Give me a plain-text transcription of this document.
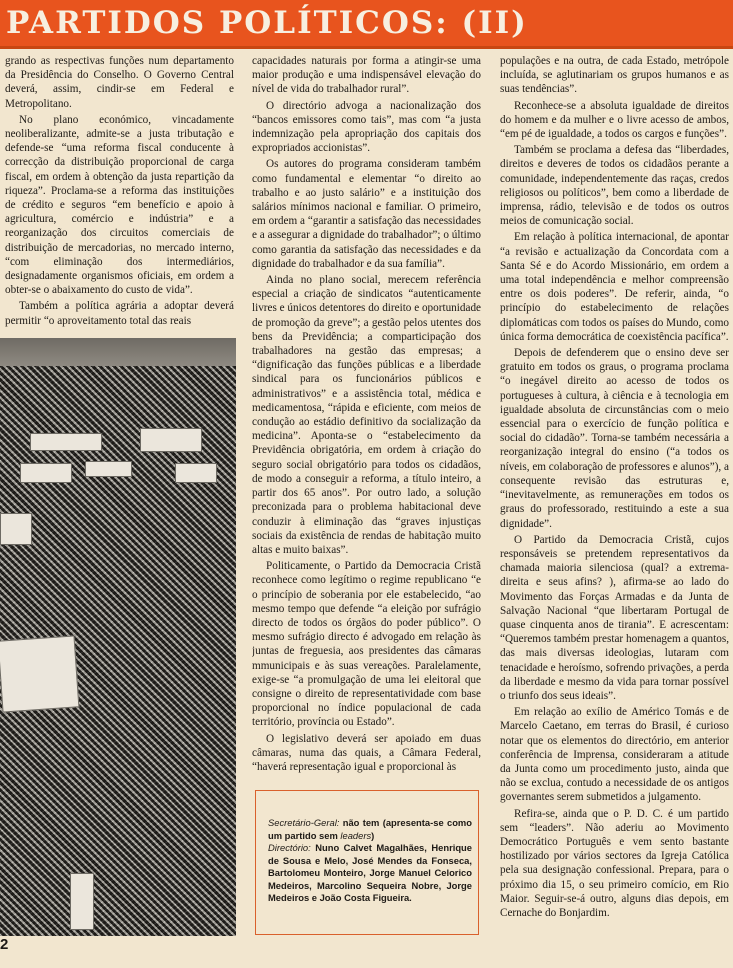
PARTIDOS POLÍTICOS: (II)

grando as respectivas funções num departamento da Presidência do Conselho. O Governo Central deverá, assim, cindir-se em Federal e Metropolitano.

No plano económico, vincadamente neoliberalizante, admite-se a justa tributação e defende-se “uma reforma fiscal conducente à correcção da distribuição proporcional de carga fiscal, em ordem à obtenção da justa repartição da riqueza”. Proclama-se a reforma das instituições de crédito e seguros “em benefício e apoio à agricultura, comércio e indústria” e a reorganização dos circuitos comerciais de distribuição de mercadorias, no mercado interno, “com eliminação dos intermediários, designadamente organismos oficiais, em ordem a obter-se o abaixamento do custo de vida”.

Também a política agrária a adoptar deverá permitir “o aproveitamento total das reais

2

capacidades naturais por forma a atingir-se uma maior produção e uma indispensável elevação do nível de vida do trabalhador rural”.

O directório advoga a nacionalização dos “bancos emissores como tais”, mas com “a justa indemnização pela apropriação dos capitais dos expropriados accionistas”.

Os autores do programa consideram também como fundamental e elementar “o direito ao trabalho e ao justo salário” e a instituição dos salários mínimos nacional e familiar. O primeiro, em ordem a “garantir a satisfação das necessidades e a assegurar a dignidade do trabalhador”; o último como garantia da satisfação das necessidades e da dignidade do trabalhador e da sua família”.

Ainda no plano social, merecem referência especial a criação de sindicatos “autenticamente livres e únicos detentores do direito e oportunidade de promoção da greve”; a gestão pelos utentes dos bens da Previdência; a comparticipação dos trabalhadores na gestão das empresas; a “dignificação das funções públicas e a liberdade sindical para os funcionários públicos e administrativos” e a assistência total, médica e medicamentosa, “rápida e eficiente, com meios de condução ao estádio definitivo da socialização da medicina”. Aponta-se o “estabelecimento da Previdência obrigatória, em ordem à criação do seguro social obrigatório para todos os cidadãos, de modo a conseguir a reforma, a título inteiro, a partir dos 65 anos”. Por outro lado, a solução preconizada para o problema habitacional deve conduzir à eliminação das “graves injustiças sociais da existência de rendas de habitação muito altas e muito baixas”.

Politicamente, o Partido da Democracia Cristã reconhece como legítimo o regime republicano “e o princípio de soberania por ele estabelecido, “ao mesmo tempo que defende “a eleição por sufrágio directo de todos os órgãos do poder público”. O mesmo sufrágio directo é advogado em relação às juntas de freguesia, aos presidentes das câmaras mmunicipais e às suas vereações. Paralelamente, exige-se “a promulgação de uma lei eleitoral que consigne o direito de representatividade com base proporcional no índice populacional de cada território, província ou Estado”.

O legislativo deverá ser apoiado em duas câmaras, numa das quais, a Câmara Federal, “haverá representação igual e proporcional às

Secretário-Geral: não tem (apresenta-se como um partido sem leaders)

Directório: Nuno Calvet Magalhães, Henrique de Sousa e Melo, José Mendes da Fonseca, Bartolomeu Monteiro, Jorge Manuel Celorico Medeiros, Marcolino Sequeira Nobre, Jorge Medeiros e João Costa Figueira.

populações e na outra, de cada Estado, metrópole incluída, se aglutinariam os grupos humanos e as suas tendências”.

Reconhece-se a absoluta igualdade de direitos do homem e da mulher e o livre acesso de ambos, “em pé de igualdade, a todos os cargos e funções”.

Também se proclama a defesa das “liberdades, direitos e deveres de todos os cidadãos perante a comunidade, independentemente das raças, credos religiosos ou políticos”, bem como a liberdade de imprensa, rádio, televisão e de todos os outros meios de comunicação social.

Em relação à política internacional, de apontar “a revisão e actualização da Concordata com a Santa Sé e do Acordo Missionário, em ordem a uma total independência e melhor compreensão entre os dois poderes”. De referir, ainda, “o princípio do estabelecimento de relações diplomáticas com todos os países do Mundo, como única forma democrática de coexistência pacífica”.

Depois de defenderem que o ensino deve ser gratuito em todos os graus, o programa proclama “o inegável direito ao acesso de todos os portugueses à cultura, à ciência e à tecnologia em igualdade absoluta de circunstâncias com o meio essencial para o exercício de função política e social do cidadão”. Torna-se também necessária a reorganização integral do ensino (“a todos os níveis, em colaboração de professores e alunos”), a consequente revisão das estruturas e, “inevitavelmente, as remunerações em todos os graus do professorado, restituindo a este a sua dignidade”.

O Partido da Democracia Cristã, cujos responsáveis se pretendem representativos da chamada maioria silenciosa (qual? a extrema-direita e seus afins? ), afirma-se ao lado do Movimento das Forças Armadas e da Junta de Salvação Nacional “que libertaram Portugal de quase cinquenta anos de tirania”. E acrescentam: “Queremos também prestar homenagem a quantos, das mais diversas ideologias, lutaram com tenacidade e heroísmo, sofrendo privações, a perda da liberdade e mesmo da vida para tornar possível o triunfo dos seus ideais”.

Em relação ao exílio de Américo Tomás e de Marcelo Caetano, em terras do Brasil, é curioso notar que os elementos do directório, em anterior conferência de Imprensa, consideraram a atitude da Junta como um procedimento justo, ainda que não se exclua, contudo a necessidade de os antigos governantes serem submetidos a julgamento.

Refira-se, ainda que o P. D. C. é um partido sem “leaders”. Não aderiu ao Movimento Democrático Português e vem sento bastante hostilizado por vários sectores da Igreja Católica pela sua designação confessional. Prepara, para o próximo dia 15, o seu primeiro comício, em Rio Maior. Seguir-se-á outro, alguns dias depois, em Cernache do Bonjardim.
